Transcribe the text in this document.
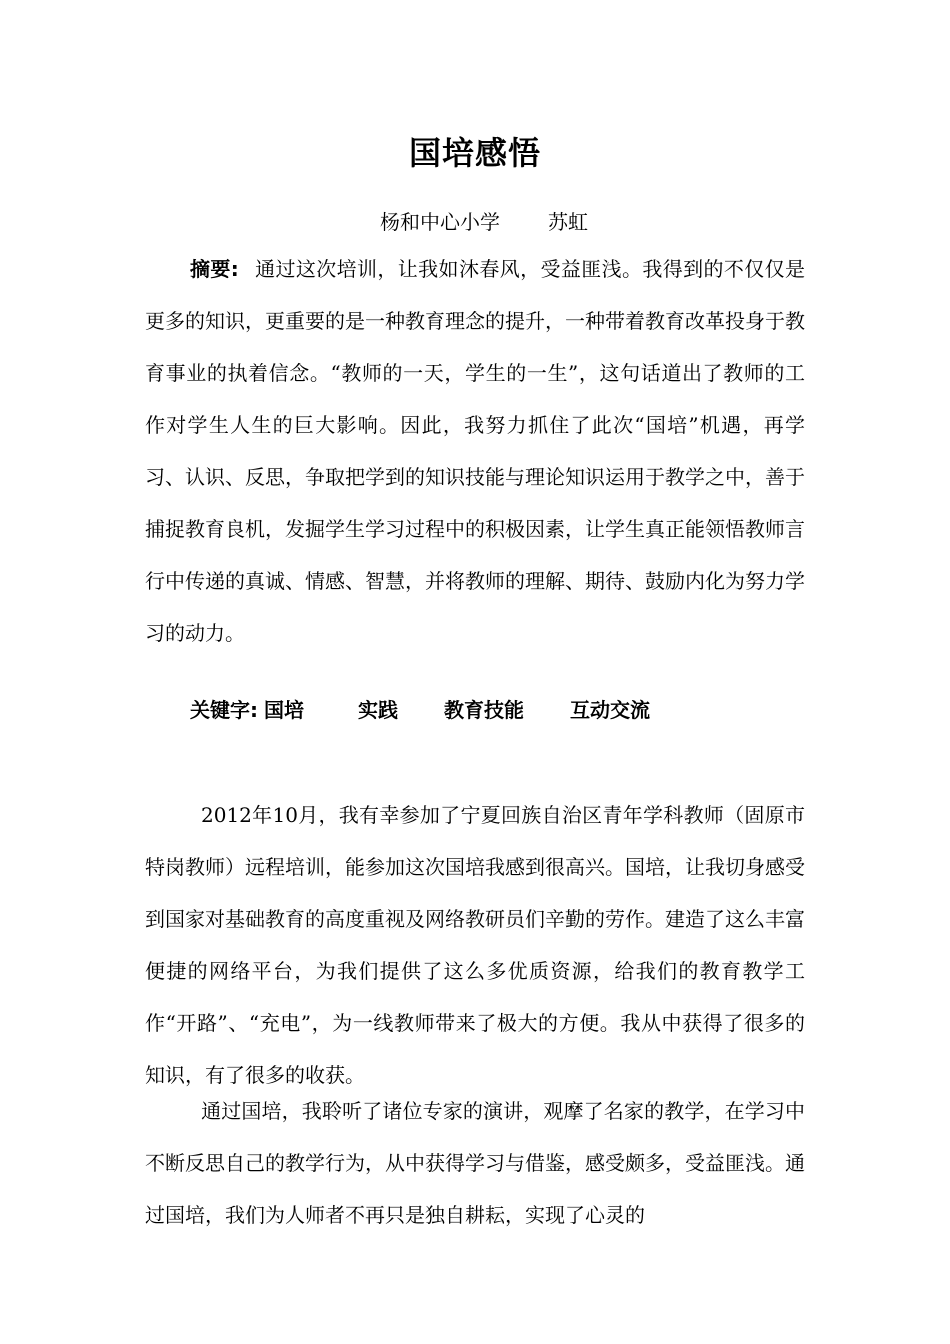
国培感悟
杨和中心小学 苏虹
摘要: 通过这次培训，让我如沐春风，受益匪浅。我得到的不仅仅是更多的知识，更重要的是一种教育理念的提升，一种带着教育改革投身于教育事业的执着信念。“教师的一天，学生的一生”，这句话道出了教师的工作对学生人生的巨大影响。因此，我努力抓住了此次“国培”机遇，再学习、认识、反思，争取把学到的知识技能与理论知识运用于教学之中，善于捕捉教育良机，发掘学生学习过程中的积极因素，让学生真正能领悟教师言行中传递的真诚、情感、智慧，并将教师的理解、期待、鼓励内化为努力学习的动力。
关键字: 国培	实践 教育技能 互动交流
2012年10月，我有幸参加了宁夏回族自治区青年学科教师（固原市特岗教师）远程培训，能参加这次国培我感到很高兴。国培，让我切身感受到国家对基础教育的高度重视及网络教研员们辛勤的劳作。建造了这么丰富便捷的网络平台，为我们提供了这么多优质资源，给我们的教育教学工作“开路”、“充电”，为一线教师带来了极大的方便。我从中获得了很多的知识，有了很多的收获。
通过国培，我聆听了诸位专家的演讲，观摩了名家的教学，在学习中不断反思自己的教学行为，从中获得学习与借鉴，感受颇多，受益匪浅。通过国培，我们为人师者不再只是独自耕耘，实现了心灵的
